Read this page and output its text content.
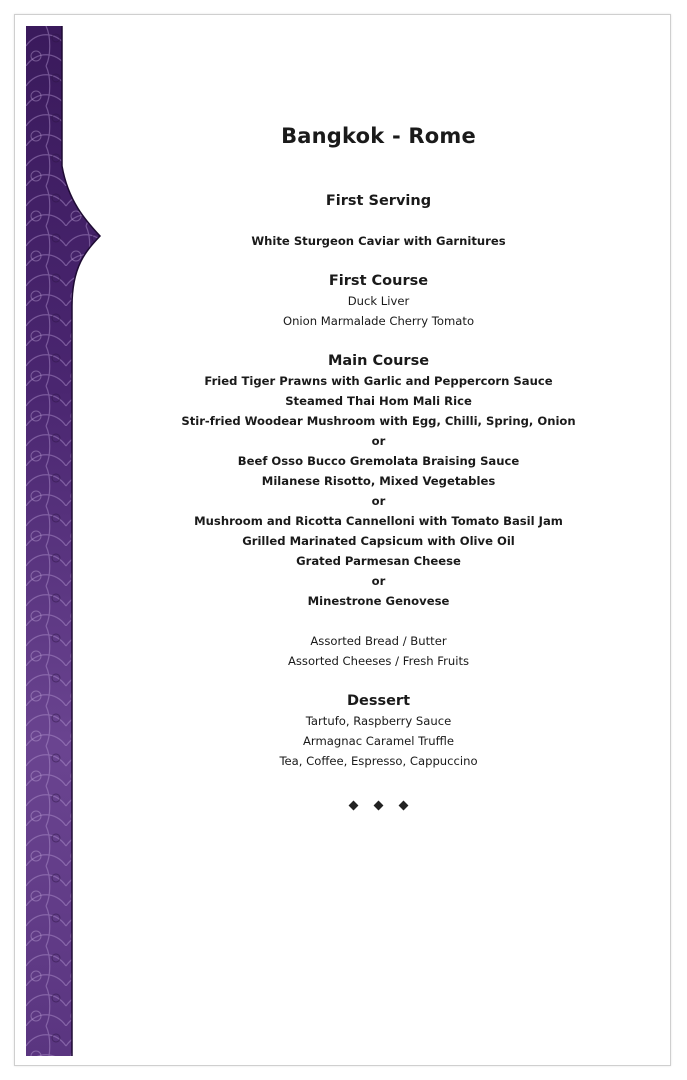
Bangkok - Rome
First Serving
White Sturgeon Caviar with Garnitures
First Course
Duck Liver
Onion Marmalade Cherry Tomato
Main Course
Fried Tiger Prawns with Garlic and Peppercorn Sauce
Steamed Thai Hom Mali Rice
Stir-fried Woodear Mushroom with Egg, Chilli, Spring, Onion
or
Beef Osso Bucco Gremolata Braising Sauce
Milanese Risotto, Mixed Vegetables
or
Mushroom and Ricotta Cannelloni with Tomato Basil Jam
Grilled Marinated Capsicum with Olive Oil
Grated Parmesan Cheese
or
Minestrone Genovese
Assorted Bread / Butter
Assorted Cheeses / Fresh Fruits
Dessert
Tartufo, Raspberry Sauce
Armagnac Caramel Truffle
Tea, Coffee, Espresso, Cappuccino
